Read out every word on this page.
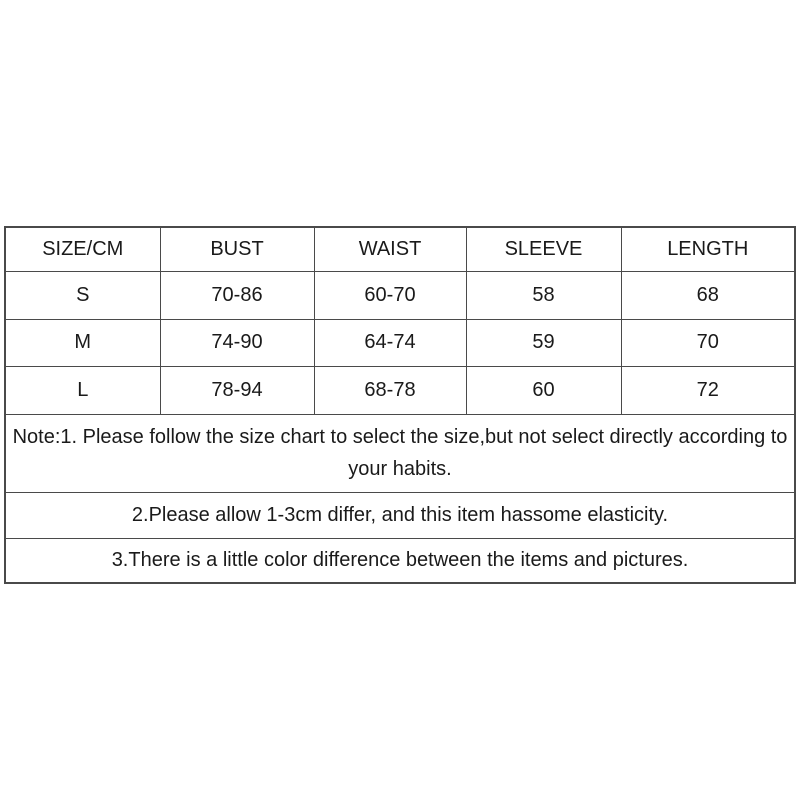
SIZE/CM	BUST	WAIST	SLEEVE	LENGTH
S	70-86	60-70	58	68
M	74-90	64-74	59	70
L	78-94	68-78	60	72
Note:1. Please follow the size chart to select the size,but not select directly according to your habits.				
2.Please allow 1-3cm differ, and this item hassome elasticity.				
3.There is a little color difference between the items and pictures.				
